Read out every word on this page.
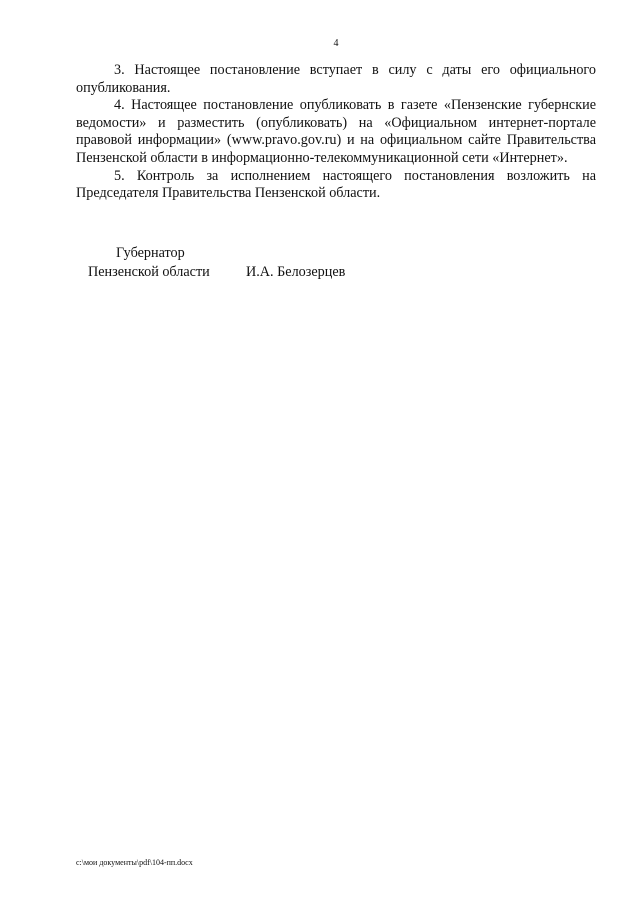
4

3. Настоящее постановление вступает в силу с даты его официального опубликования.

4. Настоящее постановление опубликовать в газете «Пензенские губернские ведомости» и разместить (опубликовать) на «Официальном интернет-портале правовой информации» (www.pravo.gov.ru) и на официальном сайте Правительства Пензенской области в информационно-телекоммуникационной сети «Интернет».

5. Контроль за исполнением настоящего постановления возложить на Председателя Правительства Пензенской области.

Губернатор
Пензенской области	И.А. Белозерцев
c:\мои документы\pdf\104-пп.docx
